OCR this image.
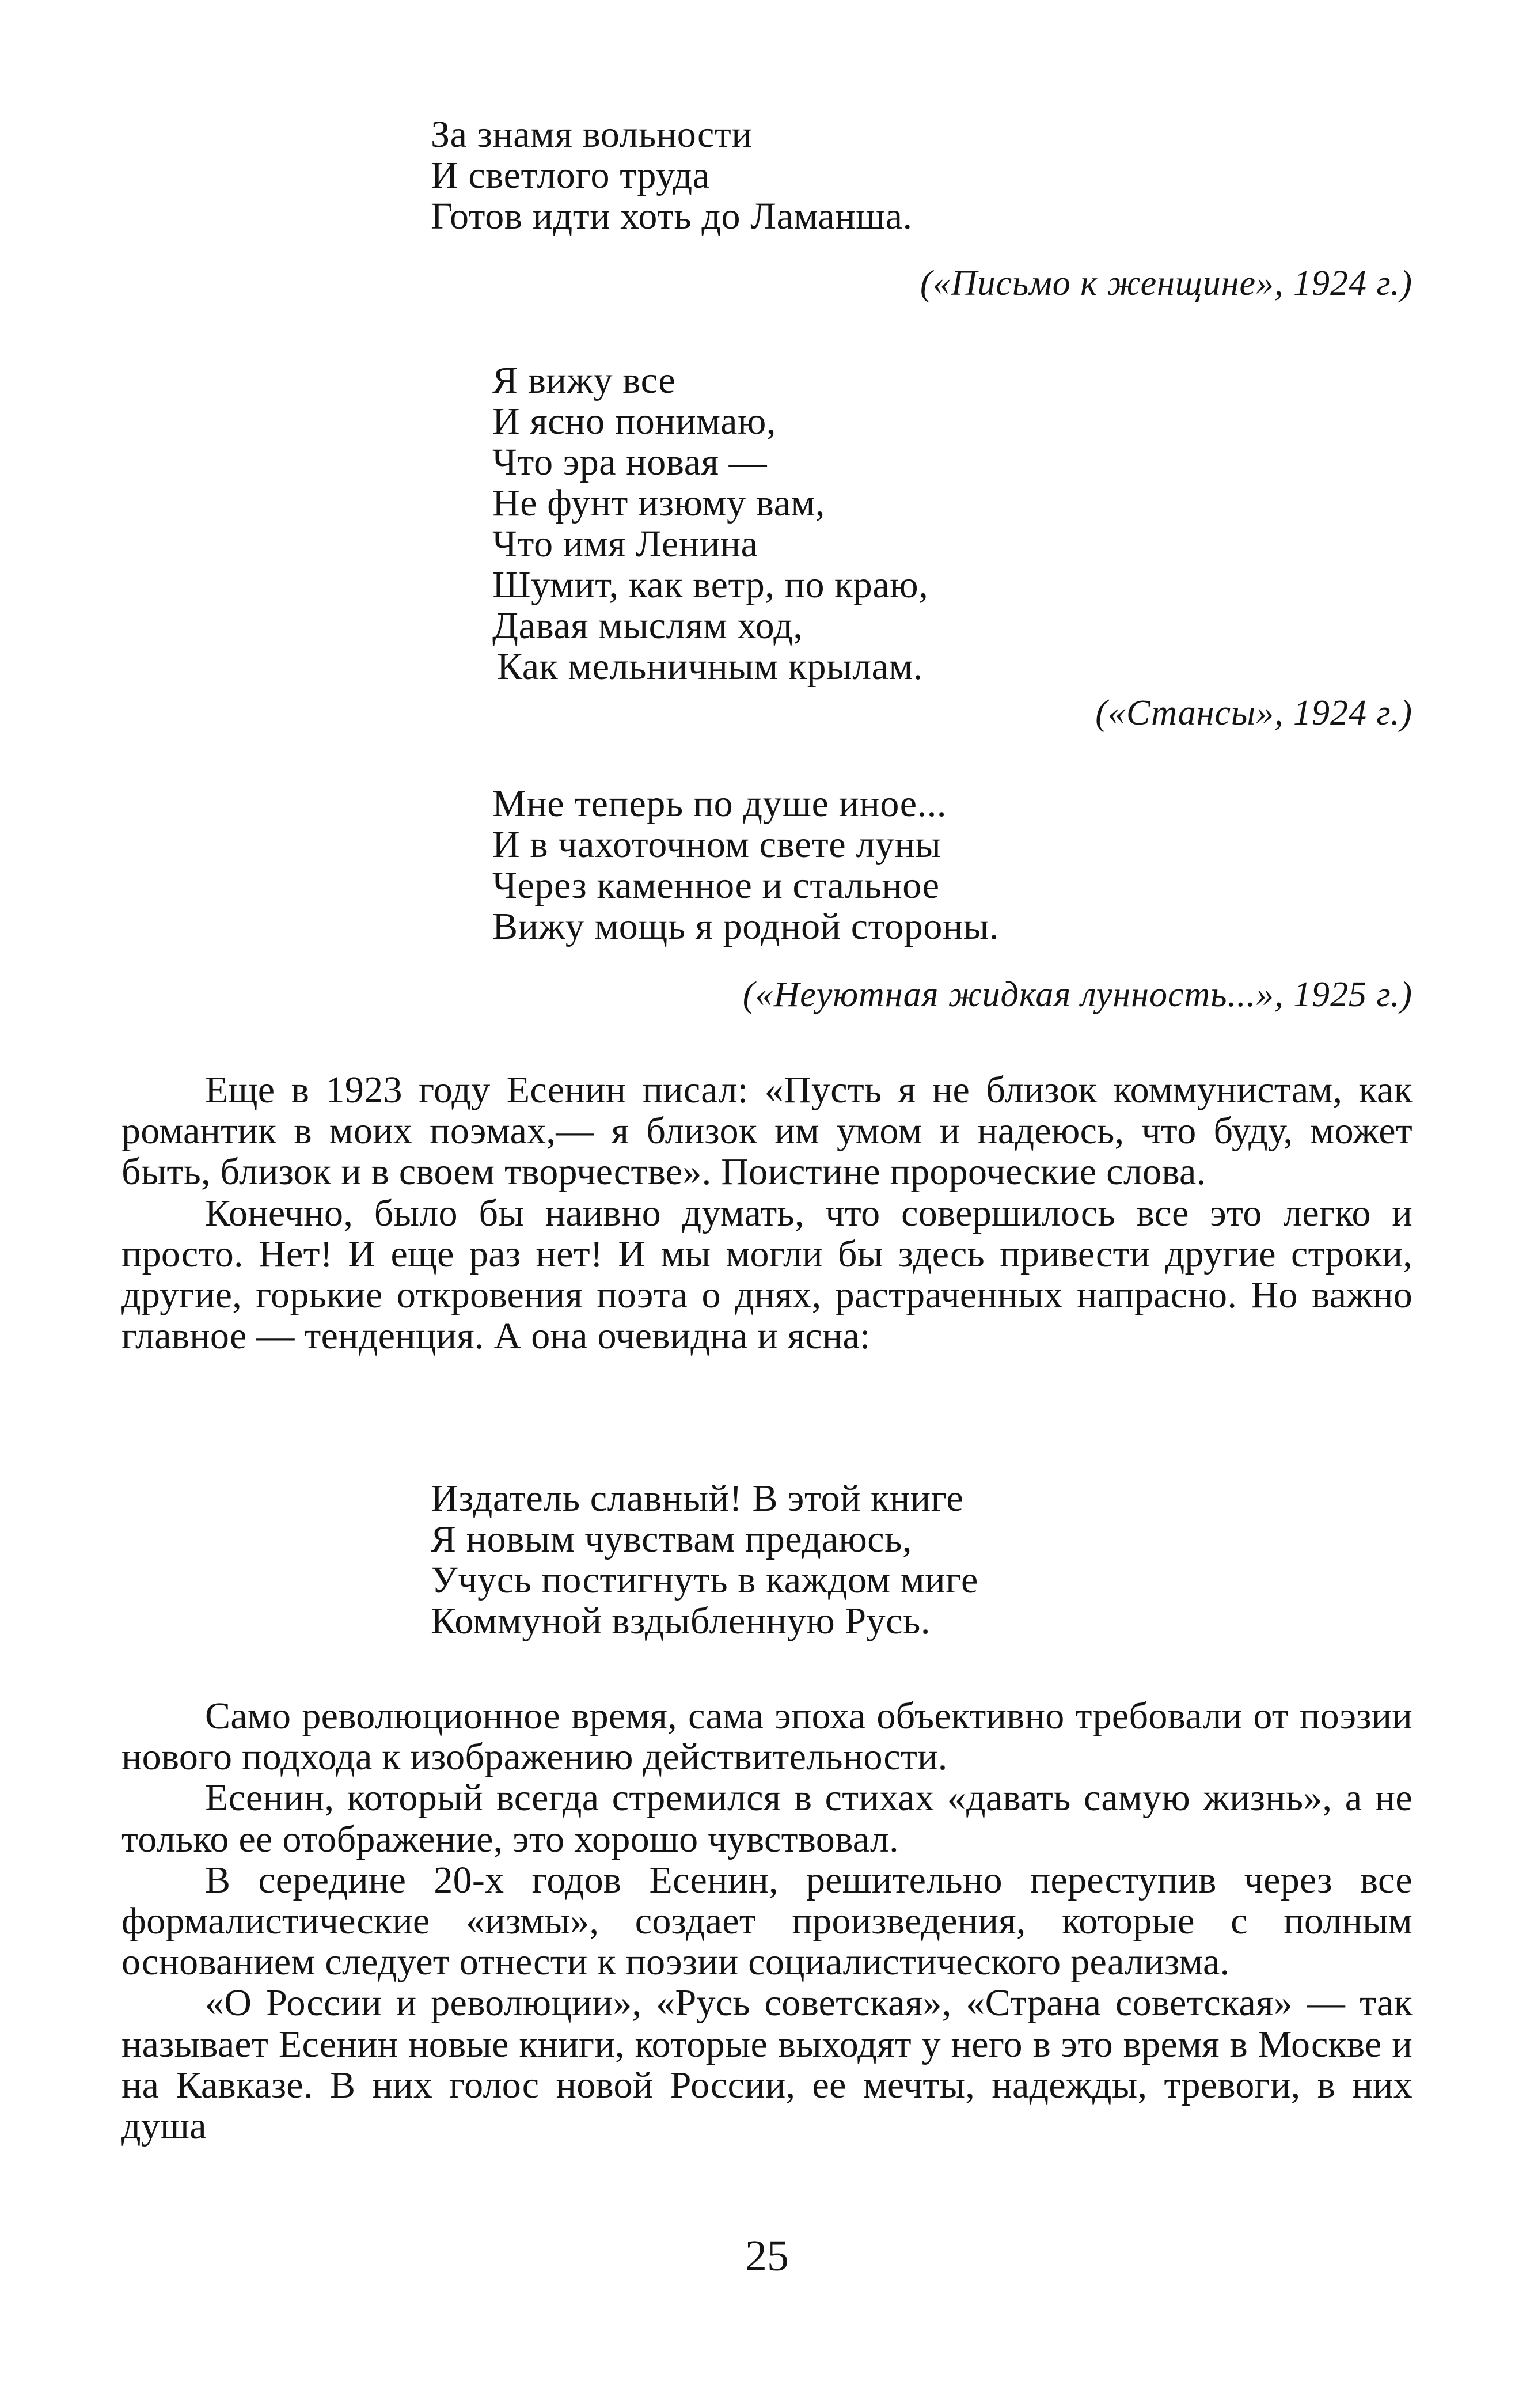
За знамя вольности
И светлого труда
Готов идти хоть до Ламанша.
(«Письмо к женщине», 1924 г.)
Я вижу все
И ясно понимаю,
Что эра новая —
Не фунт изюму вам,
Что имя Ленина
Шумит, как ветр, по краю,
Давая мыслям ход,
Как мельничным крылам.
(«Стансы», 1924 г.)
Мне теперь по душе иное...
И в чахоточном свете луны
Через каменное и стальное
Вижу мощь я родной стороны.
(«Неуютная жидкая лунность...», 1925 г.)

Еще в 1923 году Есенин писал: «Пусть я не близок коммунистам, как романтик в моих поэмах,— я близок им умом и надеюсь, что буду, может быть, близок и в своем творчестве». Поистине пророческие слова.

Конечно, было бы наивно думать, что совершилось все это легко и просто. Нет! И еще раз нет! И мы могли бы здесь привести другие строки, другие, горькие откровения поэта о днях, растраченных напрасно. Но важно главное — тенденция. А она очевидна и ясна:

Издатель славный! В этой книге
Я новым чувствам предаюсь,
Учусь постигнуть в каждом миге
Коммуной вздыбленную Русь.

Само революционное время, сама эпоха объективно требовали от поэзии нового подхода к изображению действительности.

Есенин, который всегда стремился в стихах «давать самую жизнь», а не только ее отображение, это хорошо чувствовал.

В середине 20-х годов Есенин, решительно переступив через все формалистические «измы», создает произведения, которые с полным основанием следует отнести к поэзии социалистического реализма.

«О России и революции», «Русь советская», «Страна советская» — так называет Есенин новые книги, которые выходят у него в это время в Москве и на Кавказе. В них голос новой России, ее мечты, надежды, тревоги, в них душа

25
